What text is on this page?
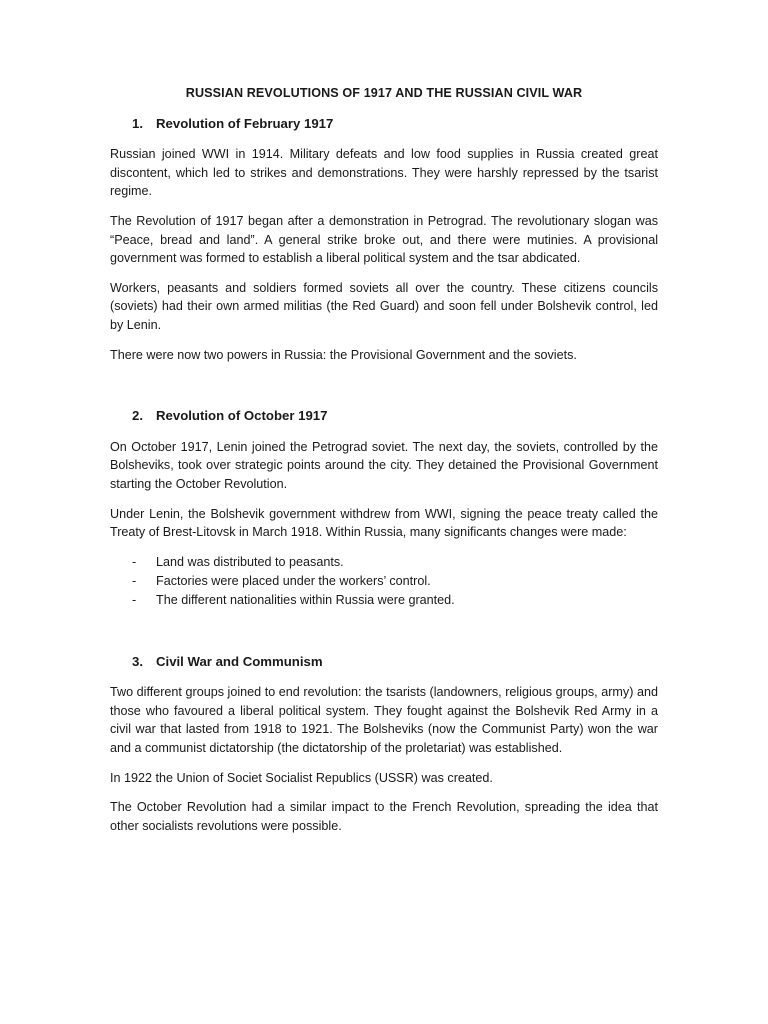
RUSSIAN REVOLUTIONS OF 1917 AND THE RUSSIAN CIVIL WAR
1. Revolution of February 1917

Russian joined WWI in 1914. Military defeats and low food supplies in Russia created great discontent, which led to strikes and demonstrations. They were harshly repressed by the tsarist regime.

The Revolution of 1917 began after a demonstration in Petrograd. The revolutionary slogan was “Peace, bread and land”. A general strike broke out, and there were mutinies. A provisional government was formed to establish a liberal political system and the tsar abdicated.

Workers, peasants and soldiers formed soviets all over the country. These citizens councils (soviets) had their own armed militias (the Red Guard) and soon fell under Bolshevik control, led by Lenin.

There were now two powers in Russia: the Provisional Government and the soviets.

2. Revolution of October 1917

On October 1917, Lenin joined the Petrograd soviet. The next day, the soviets, controlled by the Bolsheviks, took over strategic points around the city. They detained the Provisional Government starting the October Revolution.

Under Lenin, the Bolshevik government withdrew from WWI, signing the peace treaty called the Treaty of Brest-Litovsk in March 1918. Within Russia, many significants changes were made:

-	Land was distributed to peasants.
-	Factories were placed under the workers’ control.
-	The different nationalities within Russia were granted.
3. Civil War and Communism

Two different groups joined to end revolution: the tsarists (landowners, religious groups, army) and those who favoured a liberal political system. They fought against the Bolshevik Red Army in a civil war that lasted from 1918 to 1921. The Bolsheviks (now the Communist Party) won the war and a communist dictatorship (the dictatorship of the proletariat) was established.

In 1922 the Union of Societ Socialist Republics (USSR) was created.

The October Revolution had a similar impact to the French Revolution, spreading the idea that other socialists revolutions were possible.
